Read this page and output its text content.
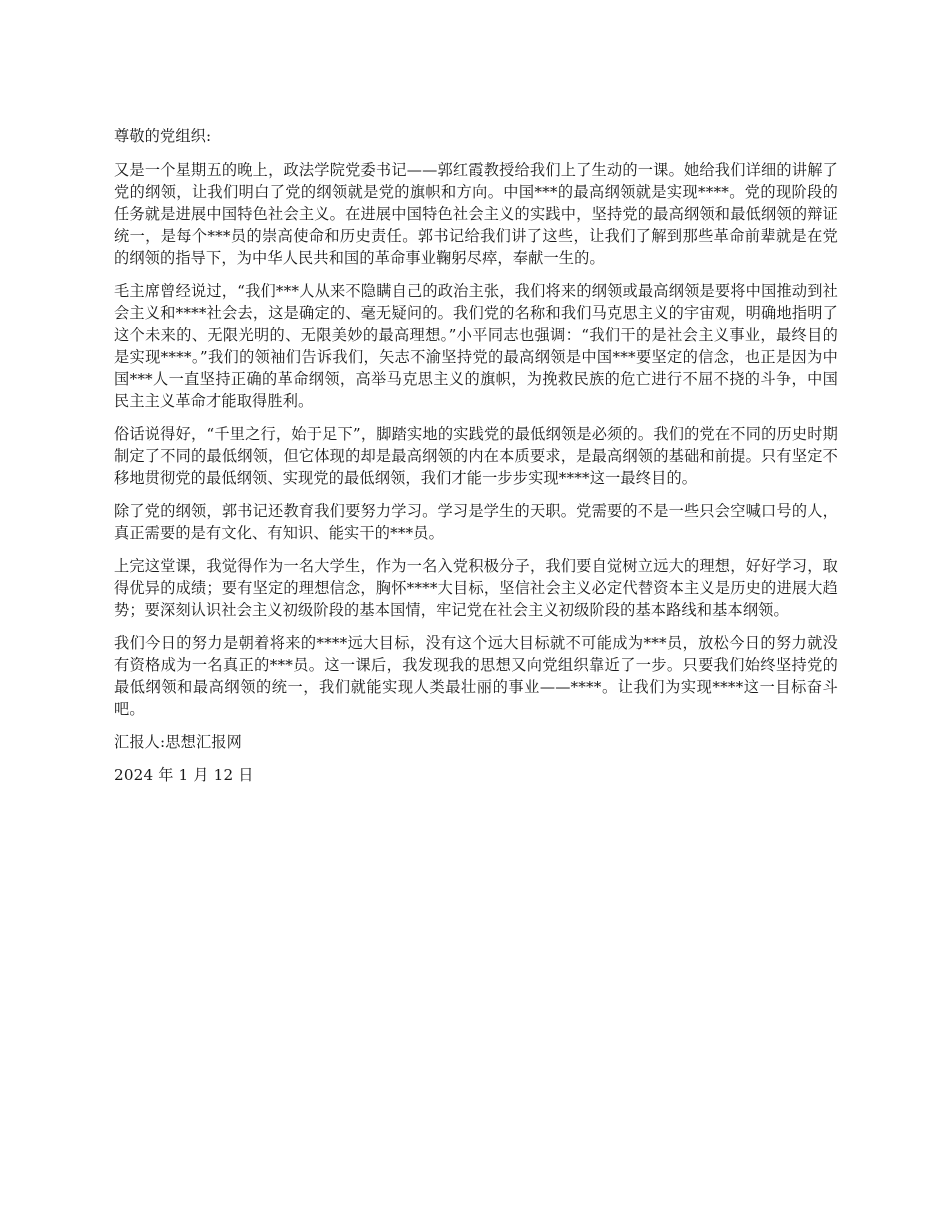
尊敬的党组织:

又是一个星期五的晚上，政法学院党委书记——郭红霞教授给我们上了生动的一课。她给我们详细的讲解了党的纲领，让我们明白了党的纲领就是党的旗帜和方向。中国***的最高纲领就是实现****。党的现阶段的任务就是进展中国特色社会主义。在进展中国特色社会主义的实践中，坚持党的最高纲领和最低纲领的辩证统一，是每个***员的崇高使命和历史责任。郭书记给我们讲了这些，让我们了解到那些革命前辈就是在党的纲领的指导下，为中华人民共和国的革命事业鞠躬尽瘁，奉献一生的。

毛主席曾经说过，“我们***人从来不隐瞒自己的政治主张，我们将来的纲领或最高纲领是要将中国推动到社会主义和****社会去，这是确定的、毫无疑问的。我们党的名称和我们马克思主义的宇宙观，明确地指明了这个未来的、无限光明的、无限美妙的最高理想。”小平同志也强调：“我们干的是社会主义事业，最终目的是实现****。”我们的领袖们告诉我们，矢志不渝坚持党的最高纲领是中国***要坚定的信念，也正是因为中国***人一直坚持正确的革命纲领，高举马克思主义的旗帜，为挽救民族的危亡进行不屈不挠的斗争，中国民主主义革命才能取得胜利。

俗话说得好，“千里之行，始于足下”，脚踏实地的实践党的最低纲领是必须的。我们的党在不同的历史时期制定了不同的最低纲领，但它体现的却是最高纲领的内在本质要求，是最高纲领的基础和前提。只有坚定不移地贯彻党的最低纲领、实现党的最低纲领，我们才能一步步实现****这一最终目的。

除了党的纲领，郭书记还教育我们要努力学习。学习是学生的天职。党需要的不是一些只会空喊口号的人，真正需要的是有文化、有知识、能实干的***员。

上完这堂课，我觉得作为一名大学生，作为一名入党积极分子，我们要自觉树立远大的理想，好好学习，取得优异的成绩；要有坚定的理想信念，胸怀****大目标，坚信社会主义必定代替资本主义是历史的进展大趋势；要深刻认识社会主义初级阶段的基本国情，牢记党在社会主义初级阶段的基本路线和基本纲领。

我们今日的努力是朝着将来的****远大目标，没有这个远大目标就不可能成为***员，放松今日的努力就没有资格成为一名真正的***员。这一课后，我发现我的思想又向党组织靠近了一步。只要我们始终坚持党的最低纲领和最高纲领的统一，我们就能实现人类最壮丽的事业——****。让我们为实现****这一目标奋斗吧。

汇报人:思想汇报网

2024 年 1 月 12 日
